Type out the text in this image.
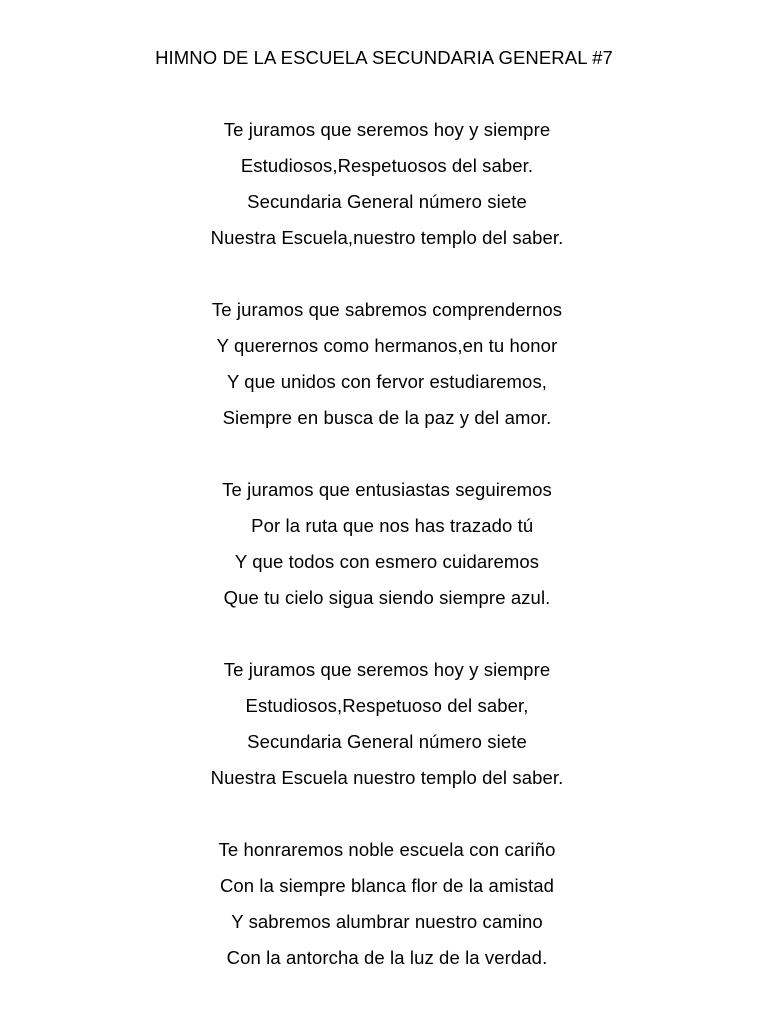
HIMNO DE LA ESCUELA SECUNDARIA GENERAL #7
Te juramos que seremos hoy y siempre
Estudiosos,Respetuosos del saber.
Secundaria General número siete
Nuestra Escuela,nuestro templo del saber.
Te juramos que sabremos comprendernos
Y querernos como hermanos,en tu honor
Y que unidos con fervor estudiaremos,
Siempre en busca de la paz y del amor.
Te juramos que entusiastas seguiremos
Por la ruta que nos has trazado tú
Y que todos con esmero cuidaremos
Que tu cielo sigua siendo siempre azul.
Te juramos que seremos hoy y siempre
Estudiosos,Respetuoso del saber,
Secundaria General número siete
Nuestra Escuela nuestro templo del saber.
Te honraremos noble escuela con cariño
Con la siempre blanca flor de la amistad
Y sabremos alumbrar nuestro camino
Con la antorcha de la luz de la verdad.
